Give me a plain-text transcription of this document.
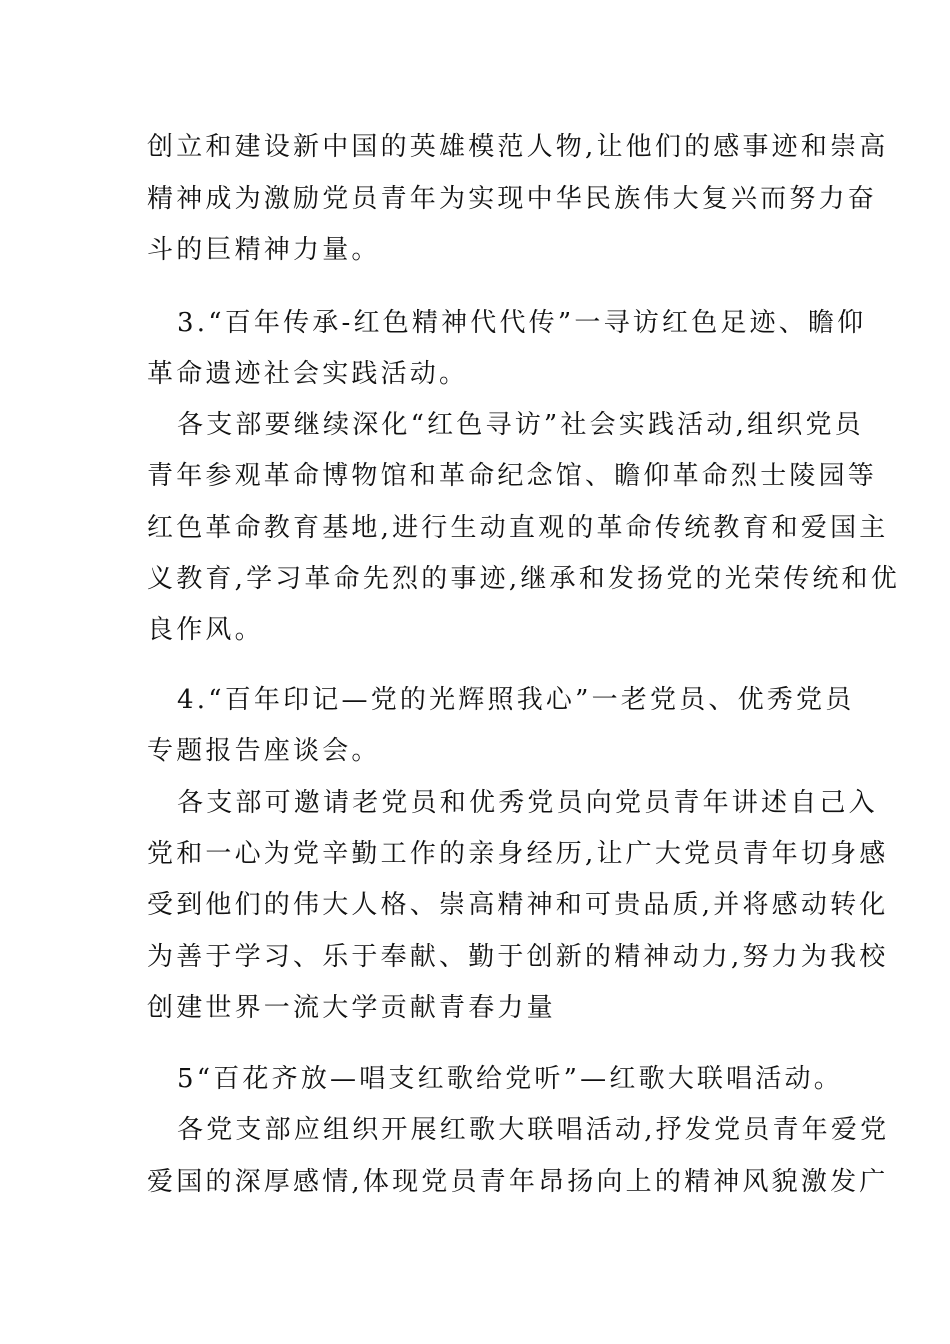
创立和建设新中国的英雄模范人物,让他们的感事迹和崇高
精神成为激励党员青年为实现中华民族伟大复兴而努力奋
斗的巨精神力量。
3.“百年传承-红色精神代代传”一寻访红色足迹、瞻仰
革命遗迹社会实践活动。
各支部要继续深化“红色寻访”社会实践活动,组织党员
青年参观革命博物馆和革命纪念馆、瞻仰革命烈士陵园等
红色革命教育基地,进行生动直观的革命传统教育和爱国主
义教育,学习革命先烈的事迹,继承和发扬党的光荣传统和优
良作风。
4.“百年印记—党的光辉照我心”一老党员、优秀党员
专题报告座谈会。
各支部可邀请老党员和优秀党员向党员青年讲述自己入
党和一心为党辛勤工作的亲身经历,让广大党员青年切身感
受到他们的伟大人格、崇高精神和可贵品质,并将感动转化
为善于学习、乐于奉献、勤于创新的精神动力,努力为我校
创建世界一流大学贡献青春力量
5“百花齐放—唱支红歌给党听”—红歌大联唱活动。
各党支部应组织开展红歌大联唱活动,抒发党员青年爱党
爱国的深厚感情,体现党员青年昂扬向上的精神风貌激发广
